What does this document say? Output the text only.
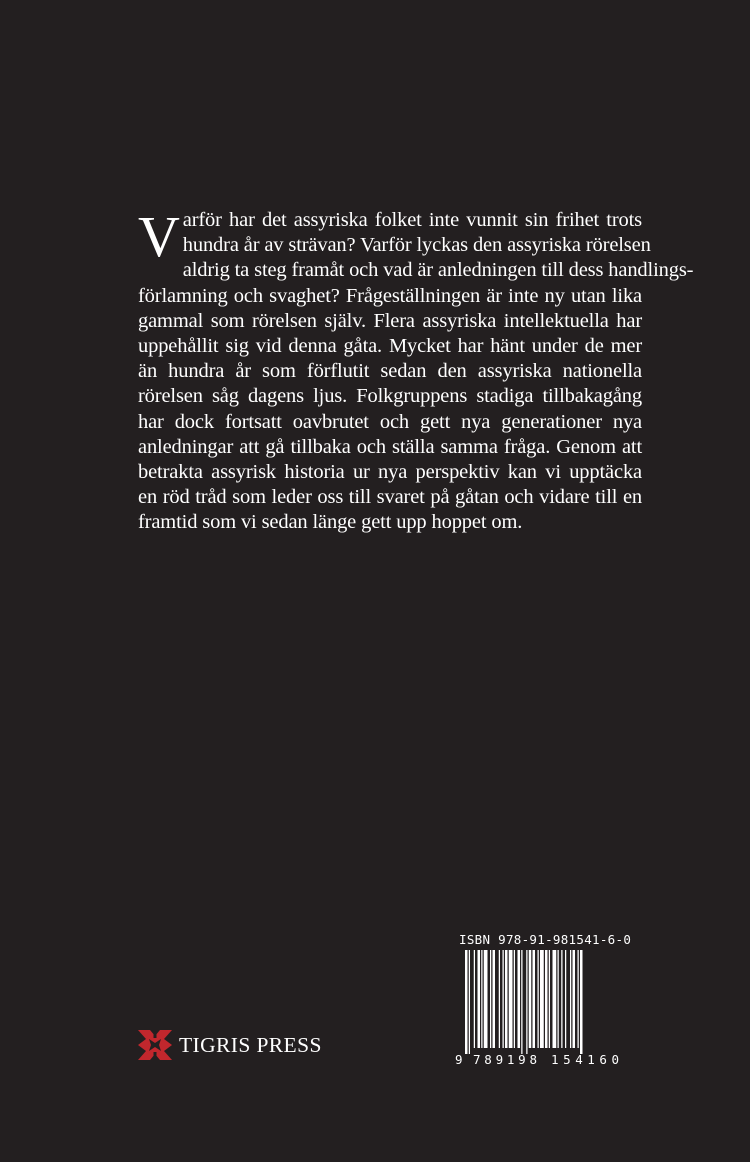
V arför har det assyriska folket inte vunnit sin frihet trots
hundra år av strävan? Varför lyckas den assyriska rörelsen
aldrig ta steg framåt och vad är anledningen till dess handlings-
förlamning och svaghet? Frågeställningen är inte ny utan lika
gammal som rörelsen själv. Flera assyriska intellektuella har
uppehållit sig vid denna gåta. Mycket har hänt under de mer
än hundra år som förflutit sedan den assyriska nationella
rörelsen såg dagens ljus. Folkgruppens stadiga tillbakagång
har dock fortsatt oavbrutet och gett nya generationer nya
anledningar att gå tillbaka och ställa samma fråga. Genom att
betrakta assyrisk historia ur nya perspektiv kan vi upptäcka
en röd tråd som leder oss till svaret på gåtan och vidare till en
framtid som vi sedan länge gett upp hoppet om.
TIGRIS PRESS
ISBN 978-91-981541-6-0
9 789198 154160
